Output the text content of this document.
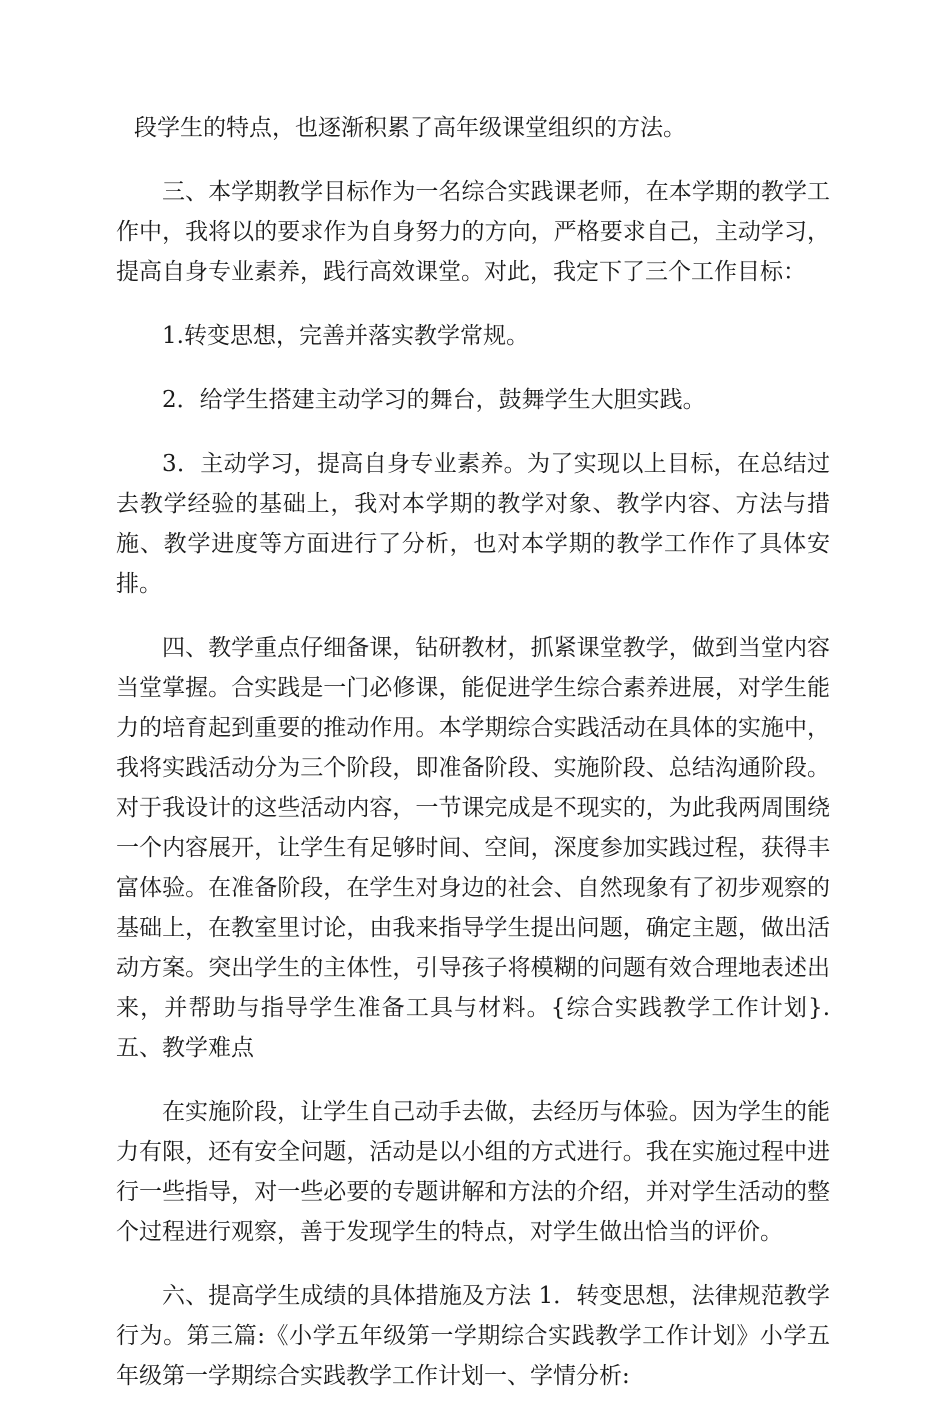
段学生的特点，也逐渐积累了高年级课堂组织的方法。

三、本学期教学目标作为一名综合实践课老师，在本学期的教学工作中，我将以的要求作为自身努力的方向，严格要求自己，主动学习，提高自身专业素养，践行高效课堂。对此，我定下了三个工作目标：

1.转变思想，完善并落实教学常规。

2．给学生搭建主动学习的舞台，鼓舞学生大胆实践。

3．主动学习，提高自身专业素养。为了实现以上目标，在总结过去教学经验的基础上，我对本学期的教学对象、教学内容、方法与措施、教学进度等方面进行了分析，也对本学期的教学工作作了具体安排。

四、教学重点仔细备课，钻研教材，抓紧课堂教学，做到当堂内容当堂掌握。合实践是一门必修课，能促进学生综合素养进展，对学生能力的培育起到重要的推动作用。本学期综合实践活动在具体的实施中，我将实践活动分为三个阶段，即准备阶段、实施阶段、总结沟通阶段。对于我设计的这些活动内容，一节课完成是不现实的，为此我两周围绕一个内容展开，让学生有足够时间、空间，深度参加实践过程，获得丰富体验。在准备阶段，在学生对身边的社会、自然现象有了初步观察的基础上，在教室里讨论，由我来指导学生提出问题，确定主题，做出活动方案。突出学生的主体性，引导孩子将模糊的问题有效合理地表述出来，并帮助与指导学生准备工具与材料。{综合实践教学工作计划}.五、教学难点

在实施阶段，让学生自己动手去做，去经历与体验。因为学生的能力有限，还有安全问题，活动是以小组的方式进行。我在实施过程中进行一些指导，对一些必要的专题讲解和方法的介绍，并对学生活动的整个过程进行观察，善于发现学生的特点，对学生做出恰当的评价。

六、提高学生成绩的具体措施及方法 1．转变思想，法律规范教学行为。第三篇:《小学五年级第一学期综合实践教学工作计划》小学五年级第一学期综合实践教学工作计划一、学情分析:
